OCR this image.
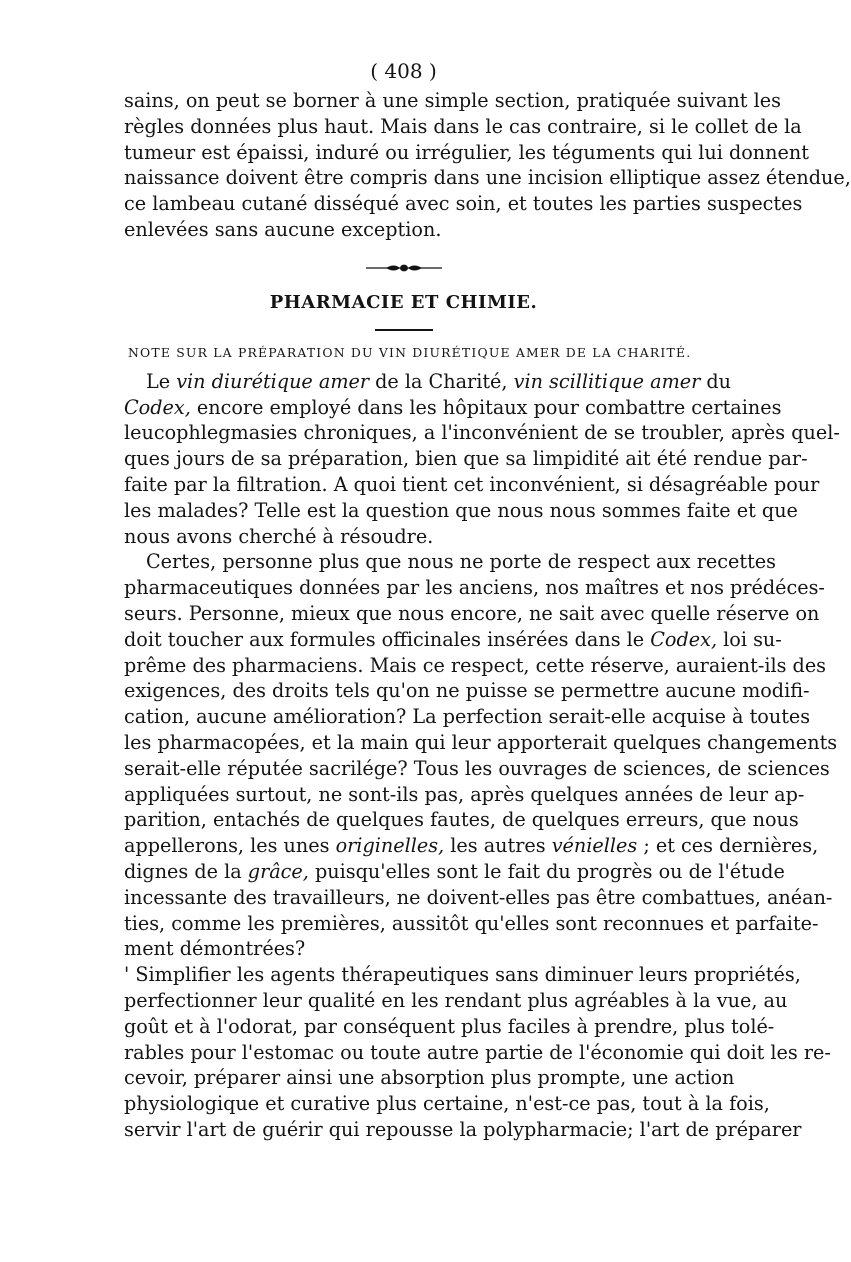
( 408 )
sains, on peut se borner à une simple section, pratiquée suivant les
règles données plus haut. Mais dans le cas contraire, si le collet de la
tumeur est épaissi, induré ou irrégulier, les téguments qui lui donnent
naissance doivent être compris dans une incision elliptique assez étendue,
ce lambeau cutané disséqué avec soin, et toutes les parties suspectes
enlevées sans aucune exception.
PHARMACIE ET CHIMIE.
NOTE SUR LA PRÉPARATION DU VIN DIURÉTIQUE AMER DE LA CHARITÉ.
Le vin diurétique amer de la Charité, vin scillitique amer du
Codex, encore employé dans les hôpitaux pour combattre certaines
leucophlegmasies chroniques, a l'inconvénient de se troubler, après quel-
ques jours de sa préparation, bien que sa limpidité ait été rendue par-
faite par la filtration. A quoi tient cet inconvénient, si désagréable pour
les malades? Telle est la question que nous nous sommes faite et que
nous avons cherché à résoudre.
Certes, personne plus que nous ne porte de respect aux recettes
pharmaceutiques données par les anciens, nos maîtres et nos prédéces-
seurs. Personne, mieux que nous encore, ne sait avec quelle réserve on
doit toucher aux formules officinales insérées dans le Codex, loi su-
prême des pharmaciens. Mais ce respect, cette réserve, auraient-ils des
exigences, des droits tels qu'on ne puisse se permettre aucune modifi-
cation, aucune amélioration? La perfection serait-elle acquise à toutes
les pharmacopées, et la main qui leur apporterait quelques changements
serait-elle réputée sacrilége? Tous les ouvrages de sciences, de sciences
appliquées surtout, ne sont-ils pas, après quelques années de leur ap-
parition, entachés de quelques fautes, de quelques erreurs, que nous
appellerons, les unes originelles, les autres vénielles ; et ces dernières,
dignes de la grâce, puisqu'elles sont le fait du progrès ou de l'étude
incessante des travailleurs, ne doivent-elles pas être combattues, anéan-
ties, comme les premières, aussitôt qu'elles sont reconnues et parfaite-
ment démontrées?
' Simplifier les agents thérapeutiques sans diminuer leurs propriétés,
perfectionner leur qualité en les rendant plus agréables à la vue, au
goût et à l'odorat, par conséquent plus faciles à prendre, plus tolé-
rables pour l'estomac ou toute autre partie de l'économie qui doit les re-
cevoir, préparer ainsi une absorption plus prompte, une action
physiologique et curative plus certaine, n'est-ce pas, tout à la fois,
servir l'art de guérir qui repousse la polypharmacie; l'art de préparer
